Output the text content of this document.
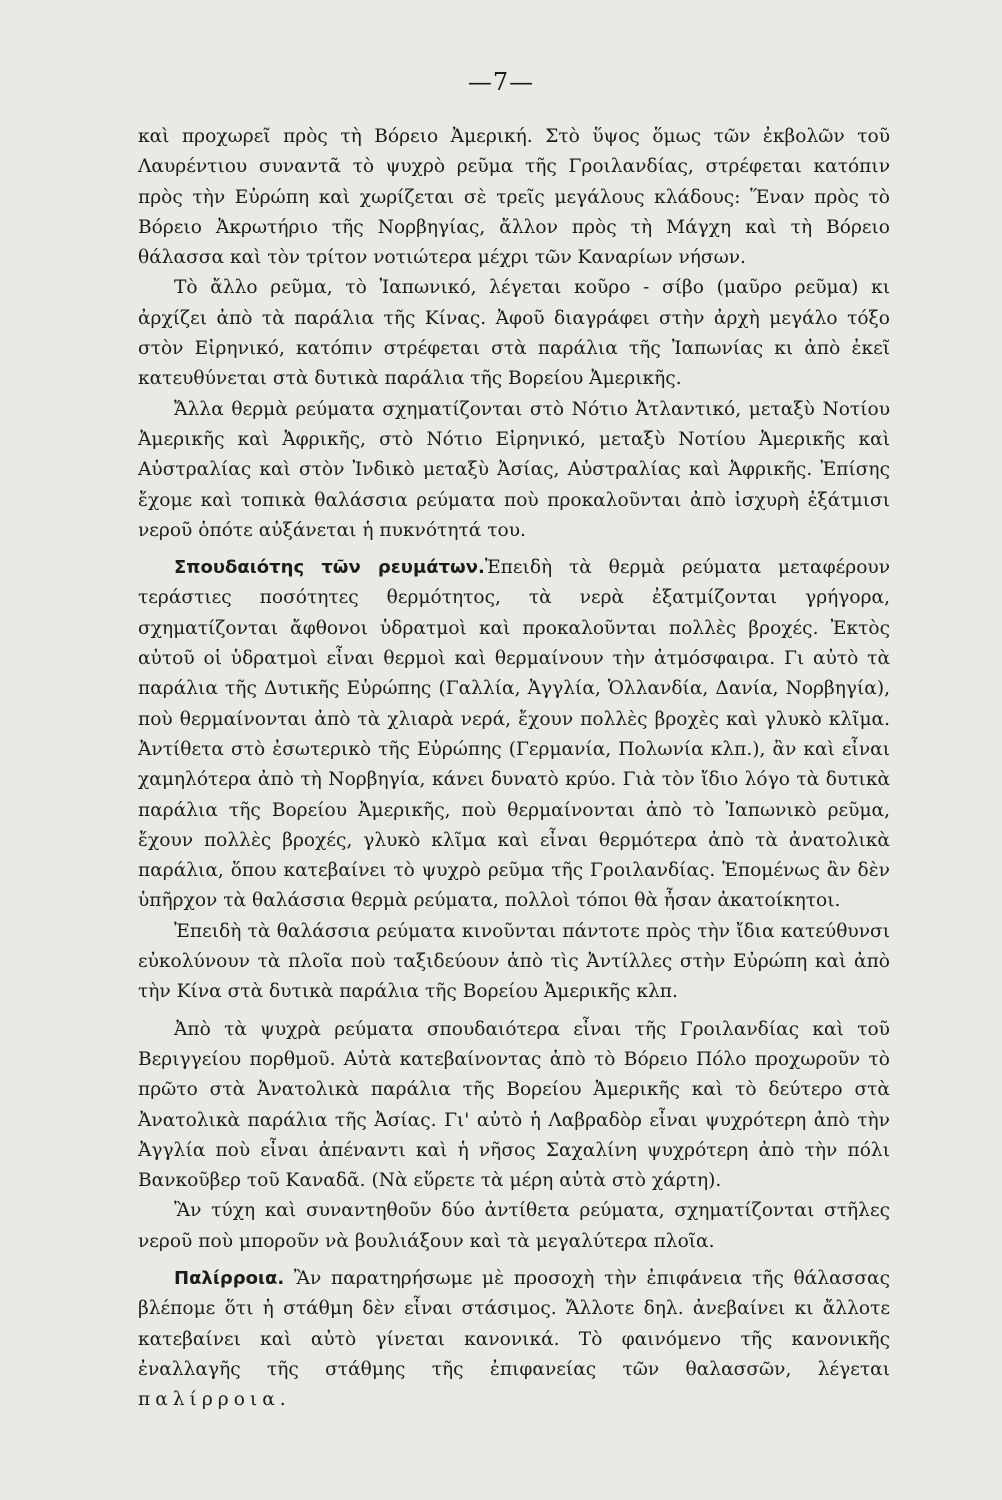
—7—

καὶ προχωρεῖ πρὸς τὴ Βόρειο Ἀμερική. Στὸ ὕψος ὅμως τῶν ἐκβολῶν τοῦ Λαυρέντιου συναντᾶ τὸ ψυχρὸ ρεῦμα τῆς Γροιλανδίας, στρέφεται κατόπιν πρὸς τὴν Εὐρώπη καὶ χωρίζεται σὲ τρεῖς μεγάλους κλάδους: Ἕναν πρὸς τὸ Βόρειο Ἀκρωτήριο τῆς Νορβηγίας, ἄλλον πρὸς τὴ Μάγχη καὶ τὴ Βόρειο θάλασσα καὶ τὸν τρίτον νοτιώτερα μέχρι τῶν Καναρίων νήσων.

Τὸ ἄλλο ρεῦμα, τὸ Ἰαπωνικό, λέγεται κοῦρο - σίβο (μαῦρο ρεῦμα) κι ἀρχίζει ἀπὸ τὰ παράλια τῆς Κίνας. Ἀφοῦ διαγράφει στὴν ἀρχὴ μεγάλο τόξο στὸν Εἰρηνικό, κατόπιν στρέφεται στὰ παράλια τῆς Ἰαπωνίας κι ἀπὸ ἐκεῖ κατευθύνεται στὰ δυτικὰ παράλια τῆς Βορείου Ἀμερικῆς.

Ἄλλα θερμὰ ρεύματα σχηματίζονται στὸ Νότιο Ἀτλαντικό, μεταξὺ Νοτίου Ἀμερικῆς καὶ Ἀφρικῆς, στὸ Νότιο Εἰρηνικό, μεταξὺ Νοτίου Ἀμερικῆς καὶ Αὐστραλίας καὶ στὸν Ἰνδικὸ μεταξὺ Ἀσίας, Αὐστραλίας καὶ Ἀφρικῆς. Ἐπίσης ἔχομε καὶ τοπικὰ θαλάσσια ρεύματα ποὺ προκαλοῦνται ἀπὸ ἰσχυρὴ ἐξάτμισι νεροῦ ὁπότε αὐξάνεται ἡ πυκνότητά του.

Σπουδαιότης τῶν ρευμάτων.Ἐπειδὴ τὰ θερμὰ ρεύματα μεταφέρουν τεράστιες ποσότητες θερμότητος, τὰ νερὰ ἐξατμίζονται γρήγορα, σχηματίζονται ἄφθονοι ὑδρατμοὶ καὶ προκαλοῦνται πολλὲς βροχές. Ἐκτὸς αὐτοῦ οἱ ὑδρατμοὶ εἶναι θερμοὶ καὶ θερμαίνουν τὴν ἀτμόσφαιρα. Γι αὐτὸ τὰ παράλια τῆς Δυτικῆς Εὐρώπης (Γαλλία, Ἀγγλία, Ὁλλανδία, Δανία, Νορβηγία), ποὺ θερμαίνονται ἀπὸ τὰ χλιαρὰ νερά, ἔχουν πολλὲς βροχὲς καὶ γλυκὸ κλῖμα. Ἀντίθετα στὸ ἐσωτερικὸ τῆς Εὐρώπης (Γερμανία, Πολωνία κλπ.), ἂν καὶ εἶναι χαμηλότερα ἀπὸ τὴ Νορβηγία, κάνει δυνατὸ κρύο. Γιὰ τὸν ἴδιο λόγο τὰ δυτικὰ παράλια τῆς Βορείου Ἀμερικῆς, ποὺ θερμαίνονται ἀπὸ τὸ Ἰαπωνικὸ ρεῦμα, ἔχουν πολλὲς βροχές, γλυκὸ κλῖμα καὶ εἶναι θερμότερα ἀπὸ τὰ ἀνατολικὰ παράλια, ὅπου κατεβαίνει τὸ ψυχρὸ ρεῦμα τῆς Γροιλανδίας. Ἑπομένως ἂν δὲν ὑπῆρχον τὰ θαλάσσια θερμὰ ρεύματα, πολλοὶ τόποι θὰ ἦσαν ἀκατοίκητοι.

Ἐπειδὴ τὰ θαλάσσια ρεύματα κινοῦνται πάντοτε πρὸς τὴν ἴδια κατεύθυνσι εὐκολύνουν τὰ πλοῖα ποὺ ταξιδεύουν ἀπὸ τὶς Ἀντίλλες στὴν Εὐρώπη καὶ ἀπὸ τὴν Κίνα στὰ δυτικὰ παράλια τῆς Βορείου Ἀμερικῆς κλπ.

Ἀπὸ τὰ ψυχρὰ ρεύματα σπουδαιότερα εἶναι τῆς Γροιλανδίας καὶ τοῦ Βεριγγείου πορθμοῦ. Αὐτὰ κατεβαίνοντας ἀπὸ τὸ Βόρειο Πόλο προχωροῦν τὸ πρῶτο στὰ Ἀνατολικὰ παράλια τῆς Βορείου Ἀμερικῆς καὶ τὸ δεύτερο στὰ Ἀνατολικὰ παράλια τῆς Ἀσίας. Γι' αὐτὸ ἡ Λαβραδὸρ εἶναι ψυχρότερη ἀπὸ τὴν Ἀγγλία ποὺ εἶναι ἀπέναντι καὶ ἡ νῆσος Σαχαλίνη ψυχρότερη ἀπὸ τὴν πόλι Βανκοῦβερ τοῦ Καναδᾶ. (Νὰ εὕρετε τὰ μέρη αὐτὰ στὸ χάρτη).

Ἂν τύχη καὶ συναντηθοῦν δύο ἀντίθετα ρεύματα, σχηματίζονται στῆλες νεροῦ ποὺ μποροῦν νὰ βουλιάξουν καὶ τὰ μεγαλύτερα πλοῖα.

Παλίρροια. Ἂν παρατηρήσωμε μὲ προσοχὴ τὴν ἐπιφάνεια τῆς θάλασσας βλέπομε ὅτι ἡ στάθμη δὲν εἶναι στάσιμος. Ἄλλοτε δηλ. ἀνεβαίνει κι ἄλλοτε κατεβαίνει καὶ αὐτὸ γίνεται κανονικά. Τὸ φαινόμενο τῆς κανονικῆς ἐναλλαγῆς τῆς στάθμης τῆς ἐπιφανείας τῶν θαλασσῶν, λέγεται παλίρροια.
